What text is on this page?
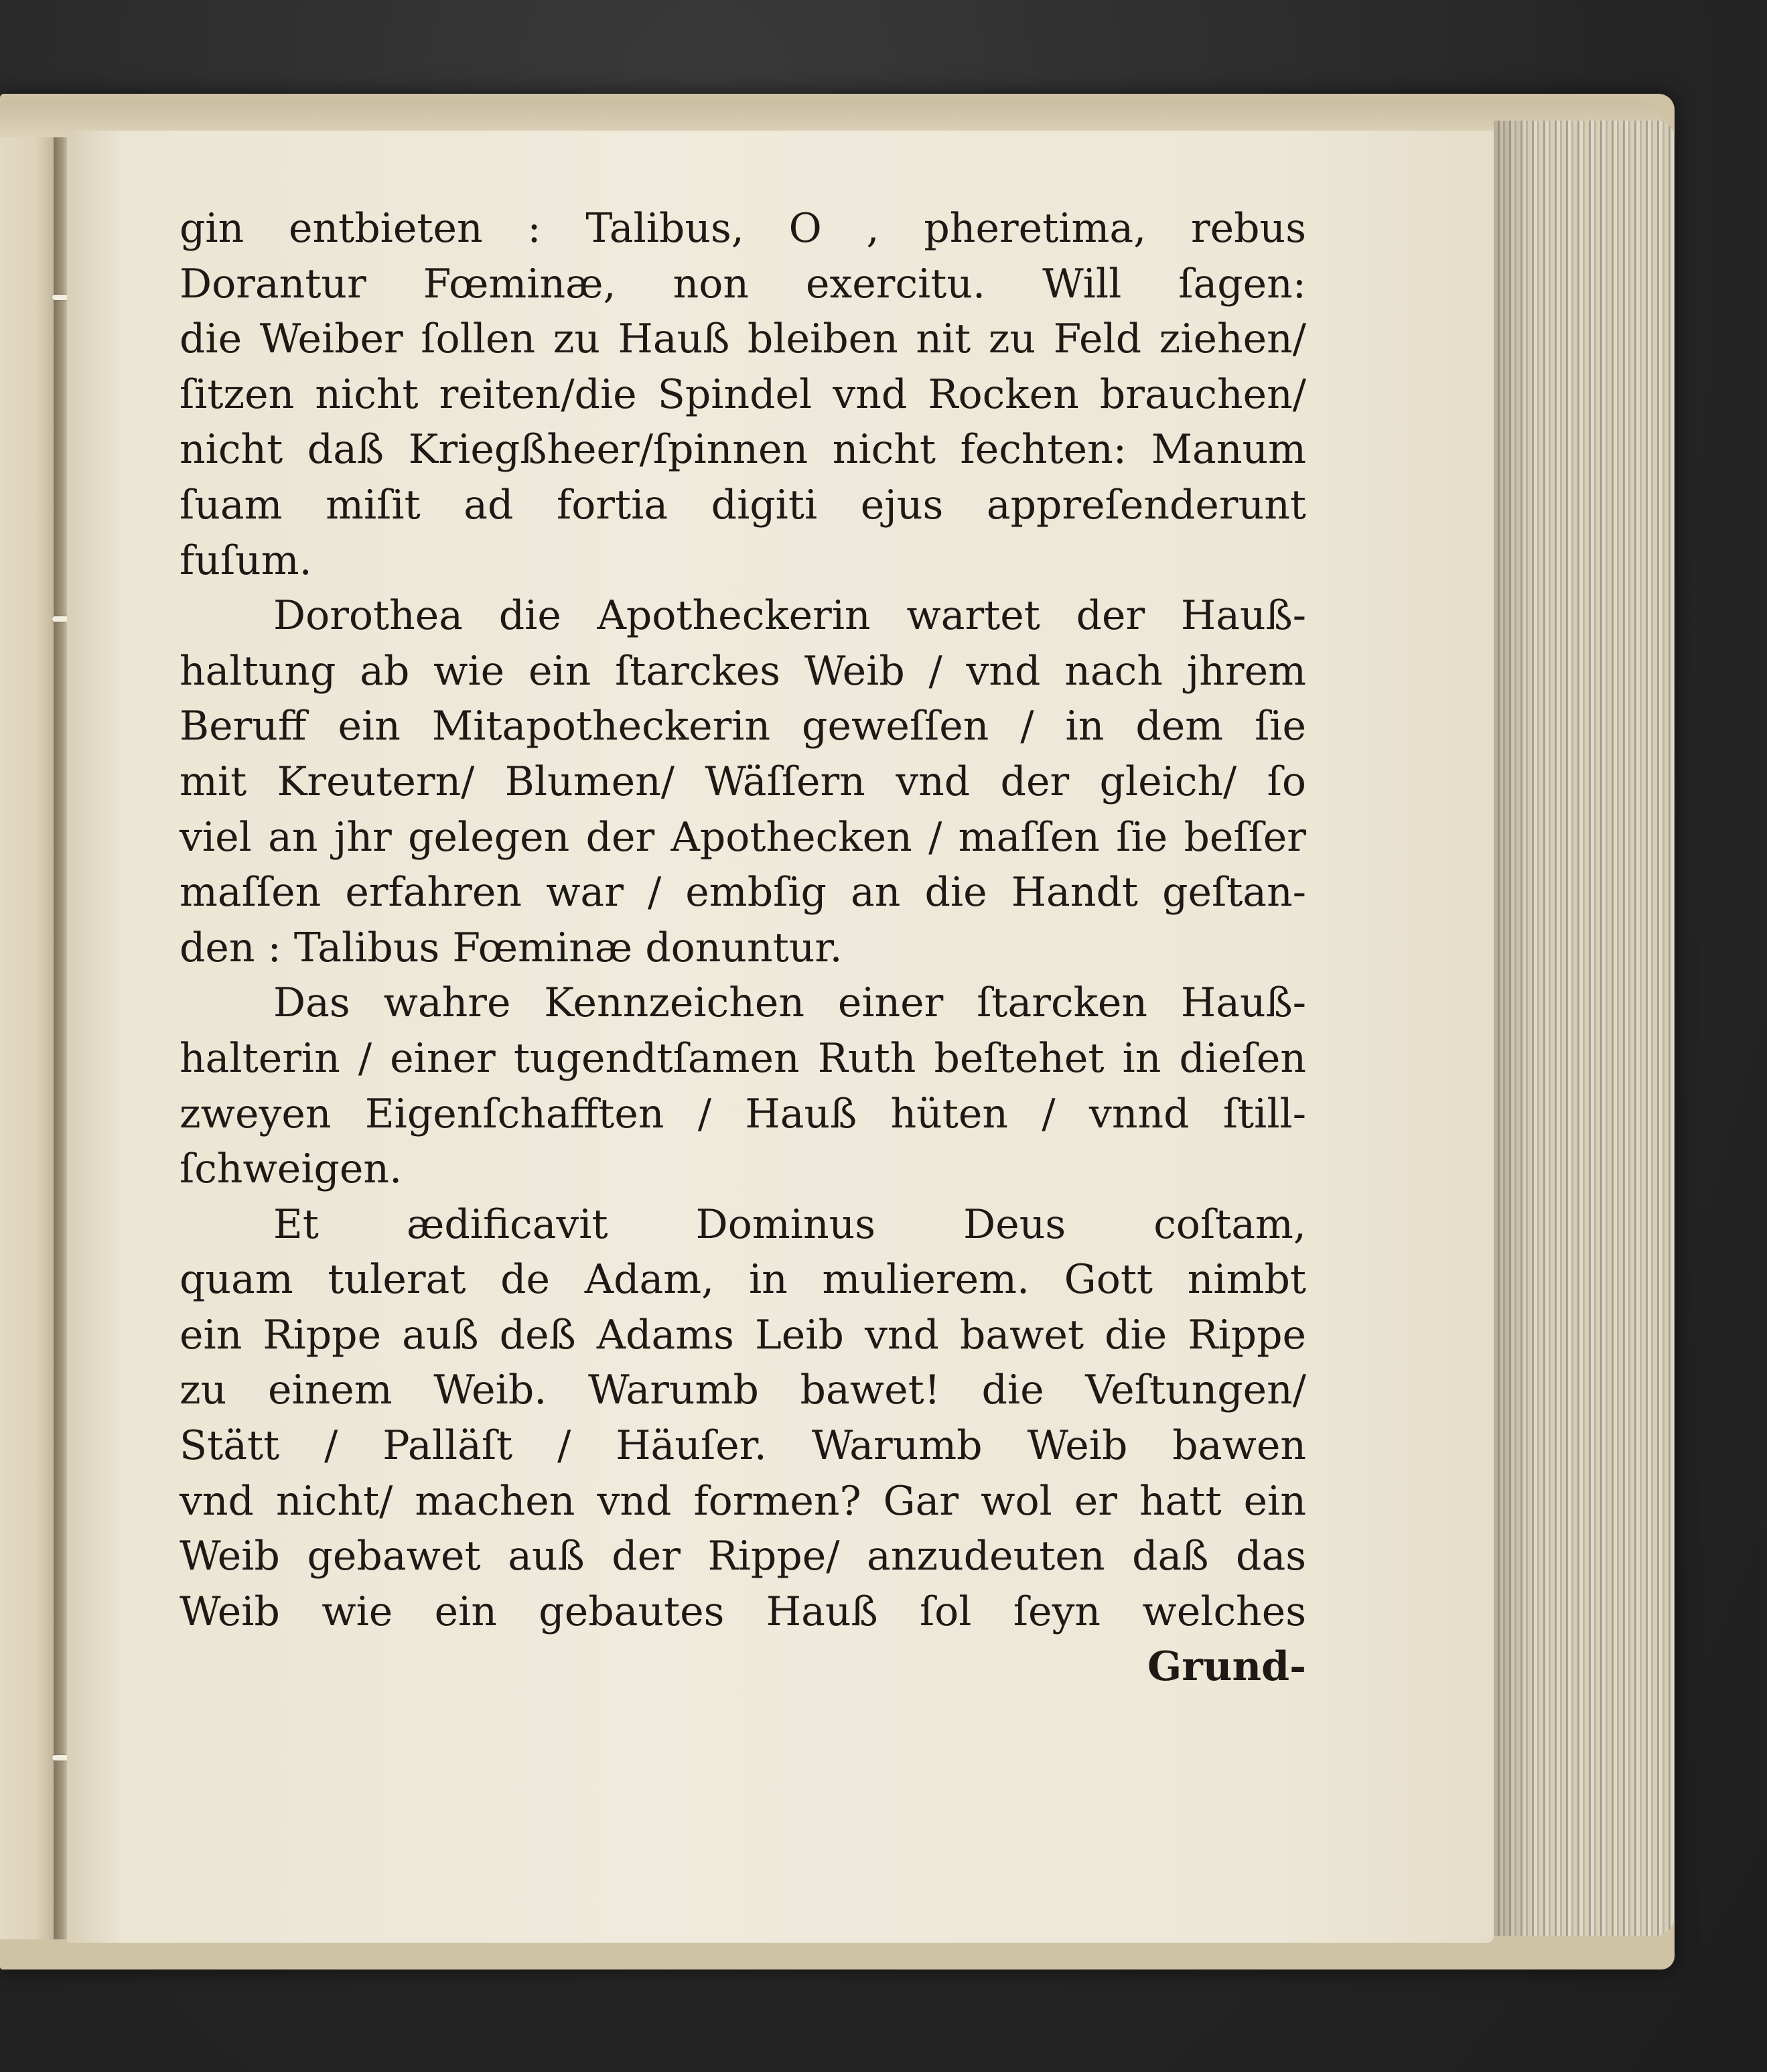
gin entbieten : Talibus, O , pheretima, rebus
Dorantur Fœminæ, non exercitu. Will ſagen:
die Weiber ſollen zu Hauß bleiben nit zu Feld ziehen/
ſitzen nicht reiten/die Spindel vnd Rocken brauchen/
nicht daß Kriegßheer/ſpinnen nicht fechten: Manum
ſuam miſit ad fortia digiti ejus appreſenderunt
fuſum.
Dorothea die Apotheckerin wartet der Hauß-
haltung ab wie ein ſtarckes Weib / vnd nach jhrem
Beruff ein Mitapotheckerin geweſſen / in dem ſie
mit Kreutern/ Blumen/ Wäſſern vnd der gleich/ ſo
viel an jhr gelegen der Apothecken / maſſen ſie beſſer
maſſen erfahren war / embſig an die Handt geſtan-
den : Talibus Fœminæ donuntur.
Das wahre Kennzeichen einer ſtarcken Hauß-
halterin / einer tugendtſamen Ruth beſtehet in dieſen
zweyen Eigenſchafften / Hauß hüten / vnnd ſtill-
ſchweigen.
Et ædificavit Dominus Deus coſtam,
quam tulerat de Adam, in mulierem. Gott nimbt
ein Rippe auß deß Adams Leib vnd bawet die Rippe
zu einem Weib. Warumb bawet! die Veſtungen/
Stätt / Palläſt / Häuſer. Warumb Weib bawen
vnd nicht/ machen vnd formen? Gar wol er hatt ein
Weib gebawet auß der Rippe/ anzudeuten daß das
Weib wie ein gebautes Hauß ſol ſeyn welches
Grund-
